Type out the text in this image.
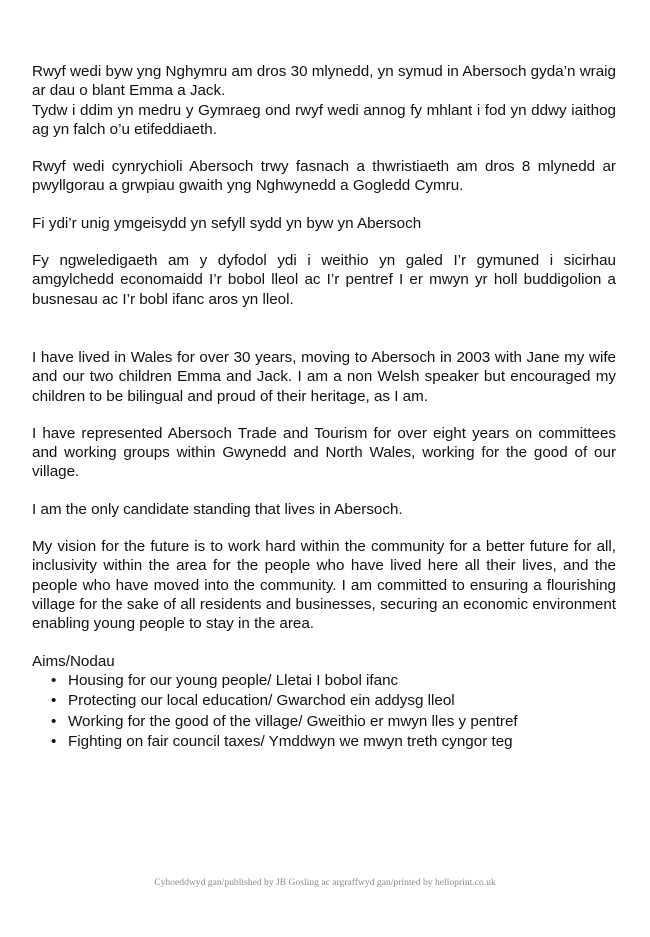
Rwyf wedi byw yng Nghymru am dros 30 mlynedd, yn symud in Abersoch gyda’n wraig ar dau o blant Emma a Jack.
Tydw i ddim yn medru y Gymraeg ond rwyf wedi annog fy mhlant i fod yn ddwy iaithog ag yn falch o’u etifeddiaeth.

Rwyf wedi cynrychioli Abersoch trwy fasnach a thwristiaeth am dros 8 mlynedd ar pwyllgorau a grwpiau gwaith yng Nghwynedd a Gogledd Cymru.

Fi ydi’r unig ymgeisydd yn sefyll sydd yn byw yn Abersoch

Fy ngweledigaeth am y dyfodol ydi i weithio yn galed I’r gymuned i sicirhau amgylchedd economaidd I’r bobol lleol ac I’r pentref I er mwyn yr holl buddigolion a busnesau ac I’r bobl ifanc aros yn lleol.

I have lived in Wales for over 30 years, moving to Abersoch in 2003 with Jane my wife and our two children Emma and Jack. I am a non Welsh speaker but encouraged my children to be bilingual and proud of their heritage, as I am.

I have represented Abersoch Trade and Tourism for over eight years on committees and working groups within Gwynedd and North Wales, working for the good of our village.

I am the only candidate standing that lives in Abersoch.

My vision for the future is to work hard within the community for a better future for all, inclusivity within the area for the people who have lived here all their lives, and the people who have moved into the community. I am committed to ensuring a flourishing village for the sake of all residents and businesses, securing an economic environment enabling young people to stay in the area.

Aims/Nodau
• Housing for our young people/ Lletai I bobol ifanc
• Protecting our local education/ Gwarchod ein addysg lleol
• Working for the good of the village/ Gweithio er mwyn lles y pentref
• Fighting on fair council taxes/ Ymddwyn we mwyn treth cyngor teg
Cyhoeddwyd gan/published by JB Gosling ac argraffwyd gan/printed by helloprint.co.uk
